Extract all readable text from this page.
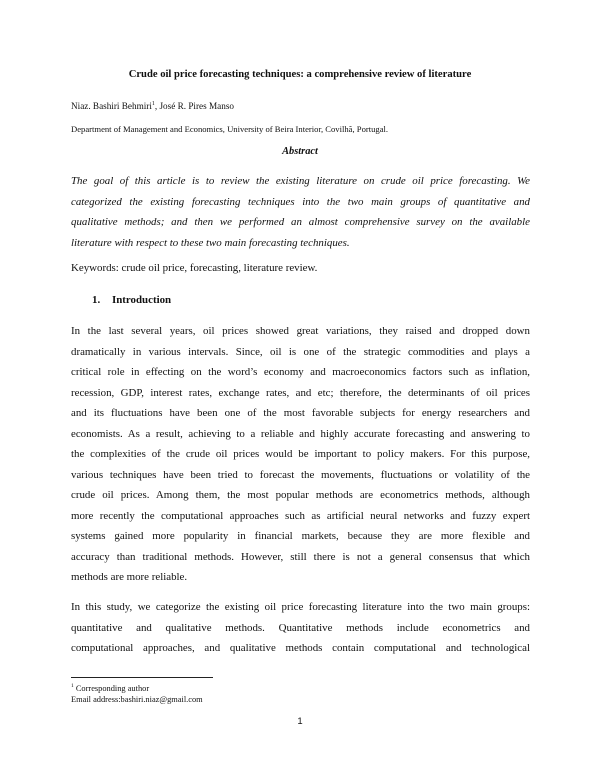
Crude oil price forecasting techniques: a comprehensive review of literature

Niaz. Bashiri Behmiri$^1$, José R. Pires Manso

Department of Management and Economics, University of Beira Interior, Covilhã, Portugal.

Abstract
The goal of this article is to review the existing literature on crude oil price forecasting. We
categorized the existing forecasting techniques into the two main groups of quantitative and
qualitative methods; and then we performed an almost comprehensive survey on the available
literature with respect to these two main forecasting techniques.

Keywords: crude oil price, forecasting, literature review.

1. Introduction
In the last several years, oil prices showed great variations, they raised and dropped down
dramatically in various intervals. Since, oil is one of the strategic commodities and plays a
critical role in effecting on the word’s economy and macroeconomics factors such as inflation,
recession, GDP, interest rates, exchange rates, and etc; therefore, the determinants of oil prices
and its fluctuations have been one of the most favorable subjects for energy researchers and
economists. As a result, achieving to a reliable and highly accurate forecasting and answering to
the complexities of the crude oil prices would be important to policy makers. For this purpose,
various techniques have been tried to forecast the movements, fluctuations or volatility of the
crude oil prices. Among them, the most popular methods are econometrics methods, although
more recently the computational approaches such as artificial neural networks and fuzzy expert
systems gained more popularity in financial markets, because they are more flexible and
accuracy than traditional methods. However, still there is not a general consensus that which
methods are more reliable.
In this study, we categorize the existing oil price forecasting literature into the two main groups:
quantitative and qualitative methods. Quantitative methods include econometrics and
computational approaches, and qualitative methods contain computational and technological

$^1$ Corresponding author

Email address:bashiri.niaz@gmail.com

1
